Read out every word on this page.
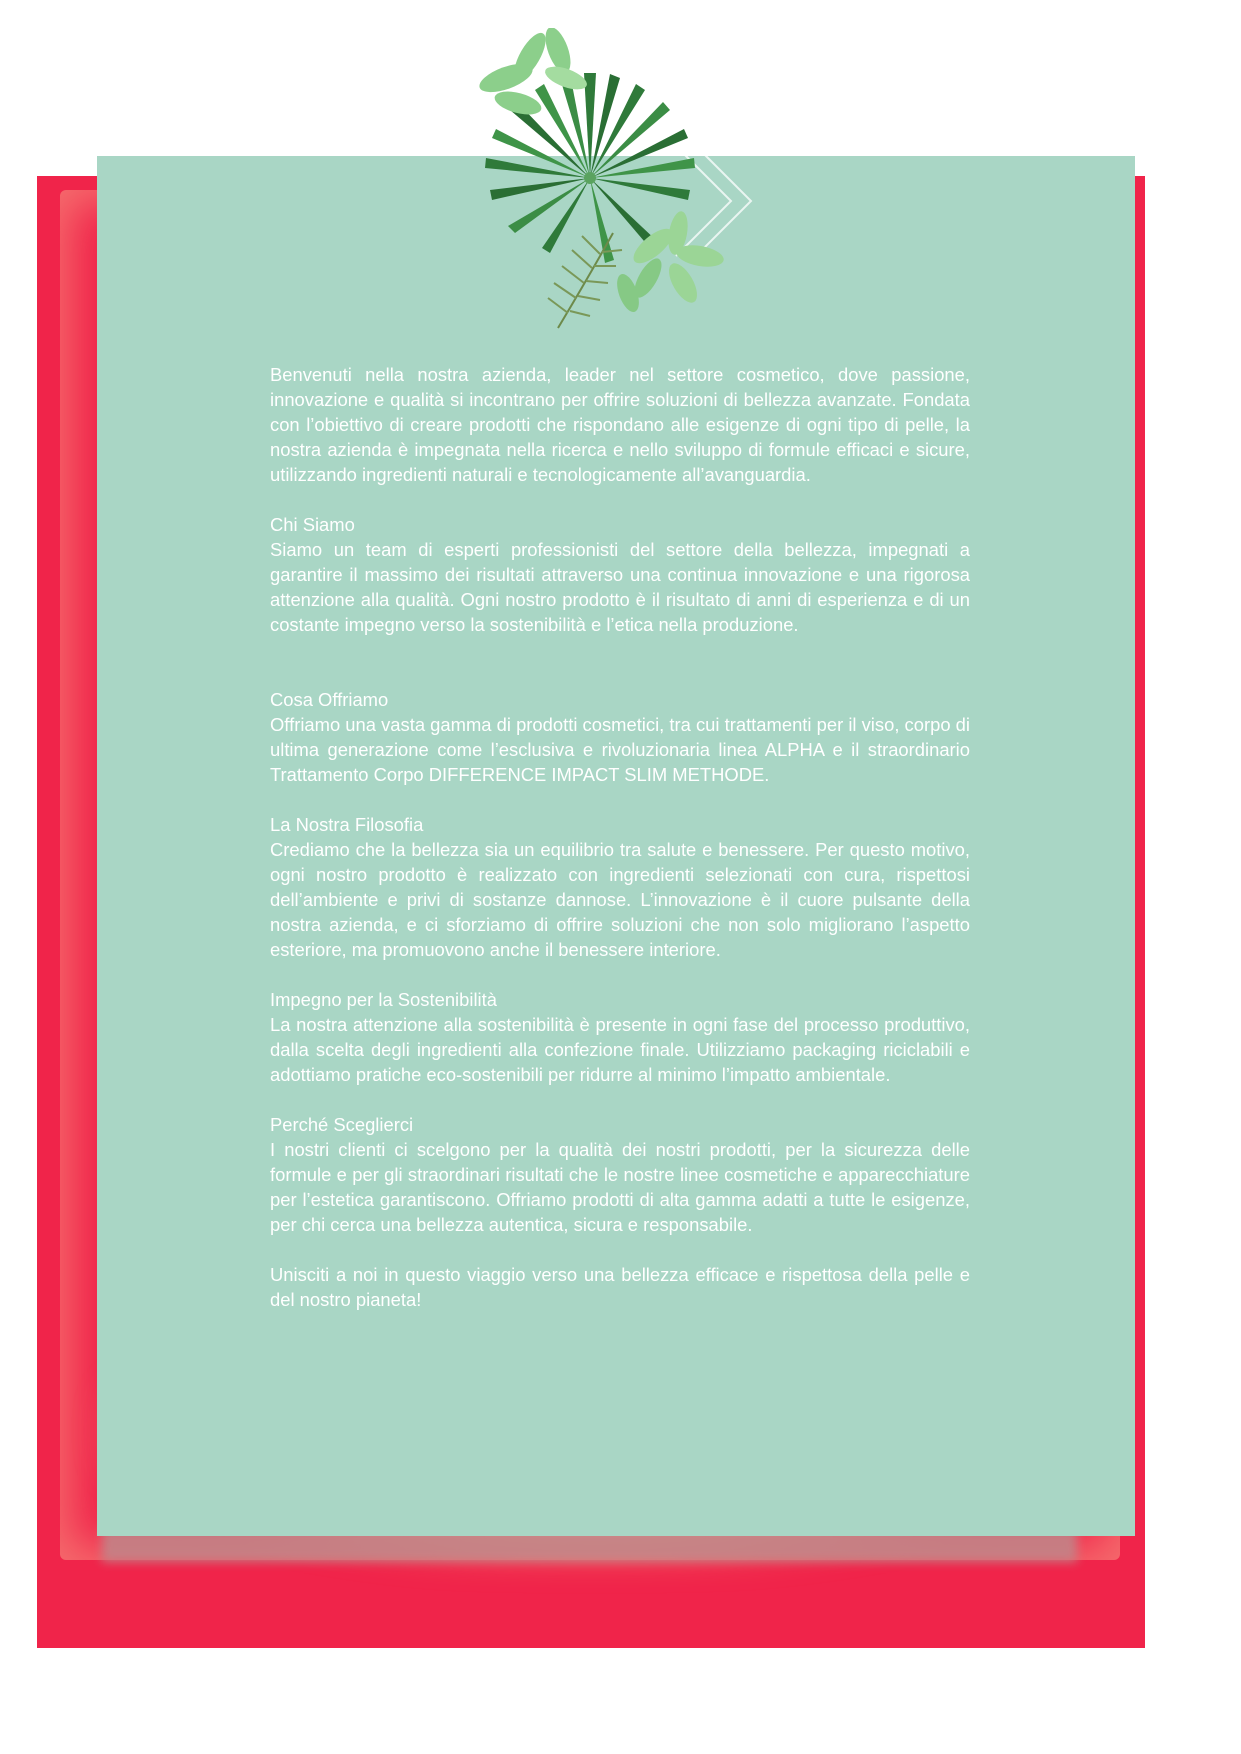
Benvenuti nella nostra azienda, leader nel settore cosmetico, dove passione, innovazione e qualità si incontrano per offrire soluzioni di bellezza avanzate. Fondata con l’obiettivo di creare prodotti che rispondano alle esigenze di ogni tipo di pelle, la nostra azienda è impegnata nella ricerca e nello sviluppo di formule efficaci e sicure, utilizzando ingredienti naturali e tecnologicamente all’avanguardia.

Chi Siamo

Siamo un team di esperti professionisti del settore della bellezza, impegnati a garantire il massimo dei risultati attraverso una continua innovazione e una rigorosa attenzione alla qualità. Ogni nostro prodotto è il risultato di anni di esperienza e di un costante impegno verso la sostenibilità e l’etica nella produzione.

Cosa Offriamo

Offriamo una vasta gamma di prodotti cosmetici, tra cui trattamenti per il viso, corpo di ultima generazione come l’esclusiva e rivoluzionaria linea ALPHA e il straordinario Trattamento Corpo DIFFERENCE IMPACT SLIM METHODE.

La Nostra Filosofia

Crediamo che la bellezza sia un equilibrio tra salute e benessere. Per questo motivo, ogni nostro prodotto è realizzato con ingredienti selezionati con cura, rispettosi dell’ambiente e privi di sostanze dannose. L’innovazione è il cuore pulsante della nostra azienda, e ci sforziamo di offrire soluzioni che non solo migliorano l’aspetto esteriore, ma promuovono anche il benessere interiore.

Impegno per la Sostenibilità

La nostra attenzione alla sostenibilità è presente in ogni fase del processo produttivo, dalla scelta degli ingredienti alla confezione finale. Utilizziamo packaging riciclabili e adottiamo pratiche eco-sostenibili per ridurre al minimo l’impatto ambientale.

Perché Sceglierci

I nostri clienti ci scelgono per la qualità dei nostri prodotti, per la sicurezza delle formule e per gli straordinari risultati che le nostre linee cosmetiche e apparecchiature per l’estetica garantiscono. Offriamo prodotti di alta gamma adatti a tutte le esigenze, per chi cerca una bellezza autentica, sicura e responsabile.

Unisciti a noi in questo viaggio verso una bellezza efficace e rispettosa della pelle e del nostro pianeta!
